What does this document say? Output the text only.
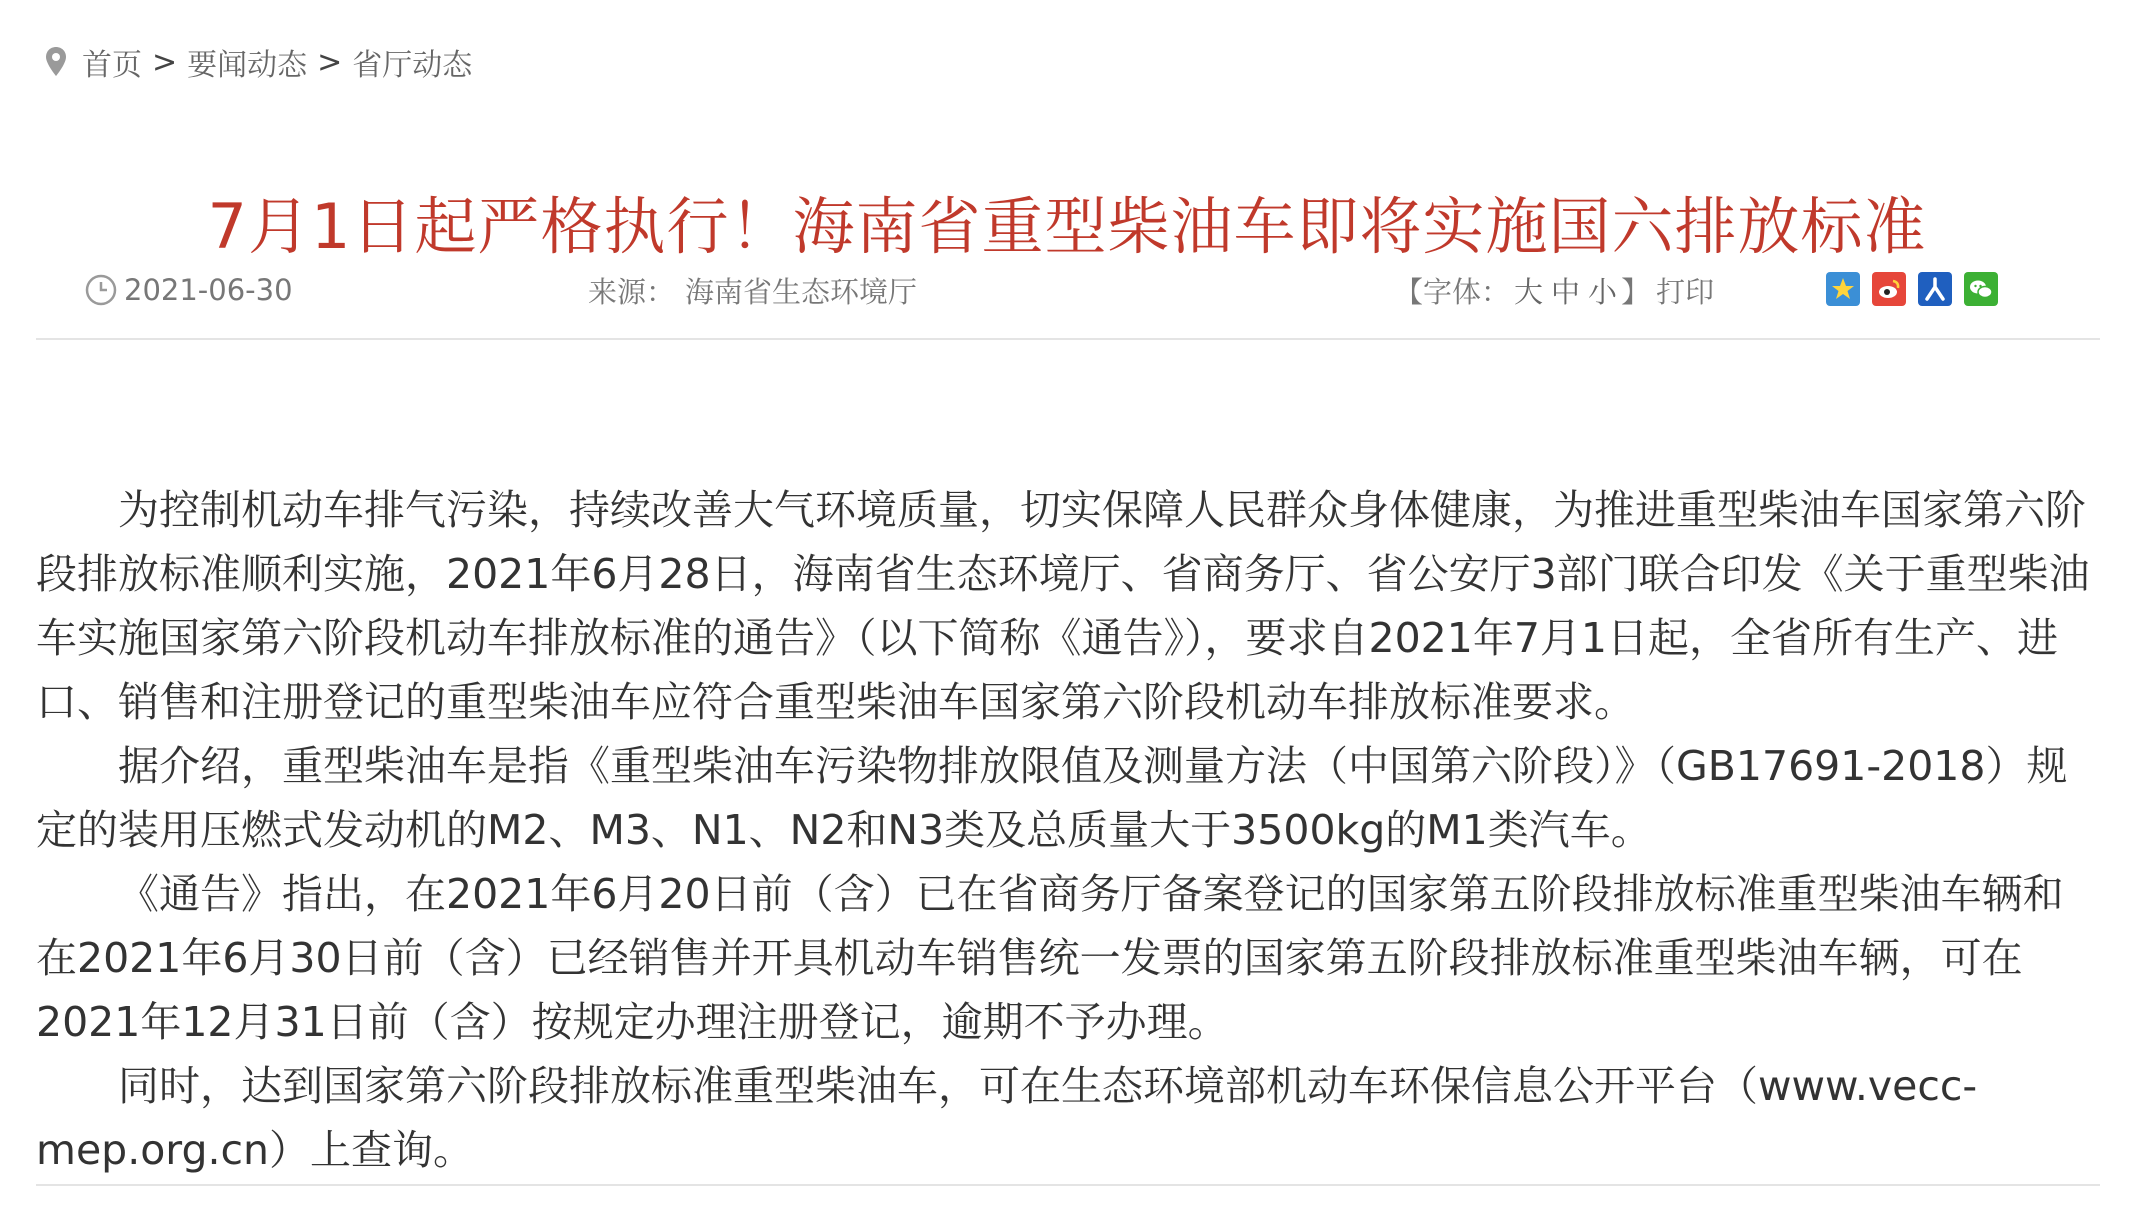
首页 > 要闻动态 > 省厅动态
7月1日起严格执行！海南省重型柴油车即将实施国六排放标准
2021-06-30	来源： 海南省生态环境厅	【字体： 大 中 小 】 打印

为控制机动车排气污染，持续改善大气环境质量，切实保障人民群众身体健康，为推进重型柴油车国家第六阶段排放标准顺利实施，2021年6月28日，海南省生态环境厅、省商务厅、省公安厅3部门联合印发《关于重型柴油车实施国家第六阶段机动车排放标准的通告》（以下简称《通告》），要求自2021年7月1日起，全省所有生产、进口、销售和注册登记的重型柴油车应符合重型柴油车国家第六阶段机动车排放标准要求。

据介绍，重型柴油车是指《重型柴油车污染物排放限值及测量方法（中国第六阶段）》（GB17691-2018）规定的装用压燃式发动机的M2、M3、N1、N2和N3类及总质量大于3500kg的M1类汽车。

《通告》指出，在2021年6月20日前（含）已在省商务厅备案登记的国家第五阶段排放标准重型柴油车辆和在2021年6月30日前（含）已经销售并开具机动车销售统一发票的国家第五阶段排放标准重型柴油车辆，可在2021年12月31日前（含）按规定办理注册登记，逾期不予办理。

同时，达到国家第六阶段排放标准重型柴油车，可在生态环境部机动车环保信息公开平台（www.vecc-mep.org.cn）上查询。
